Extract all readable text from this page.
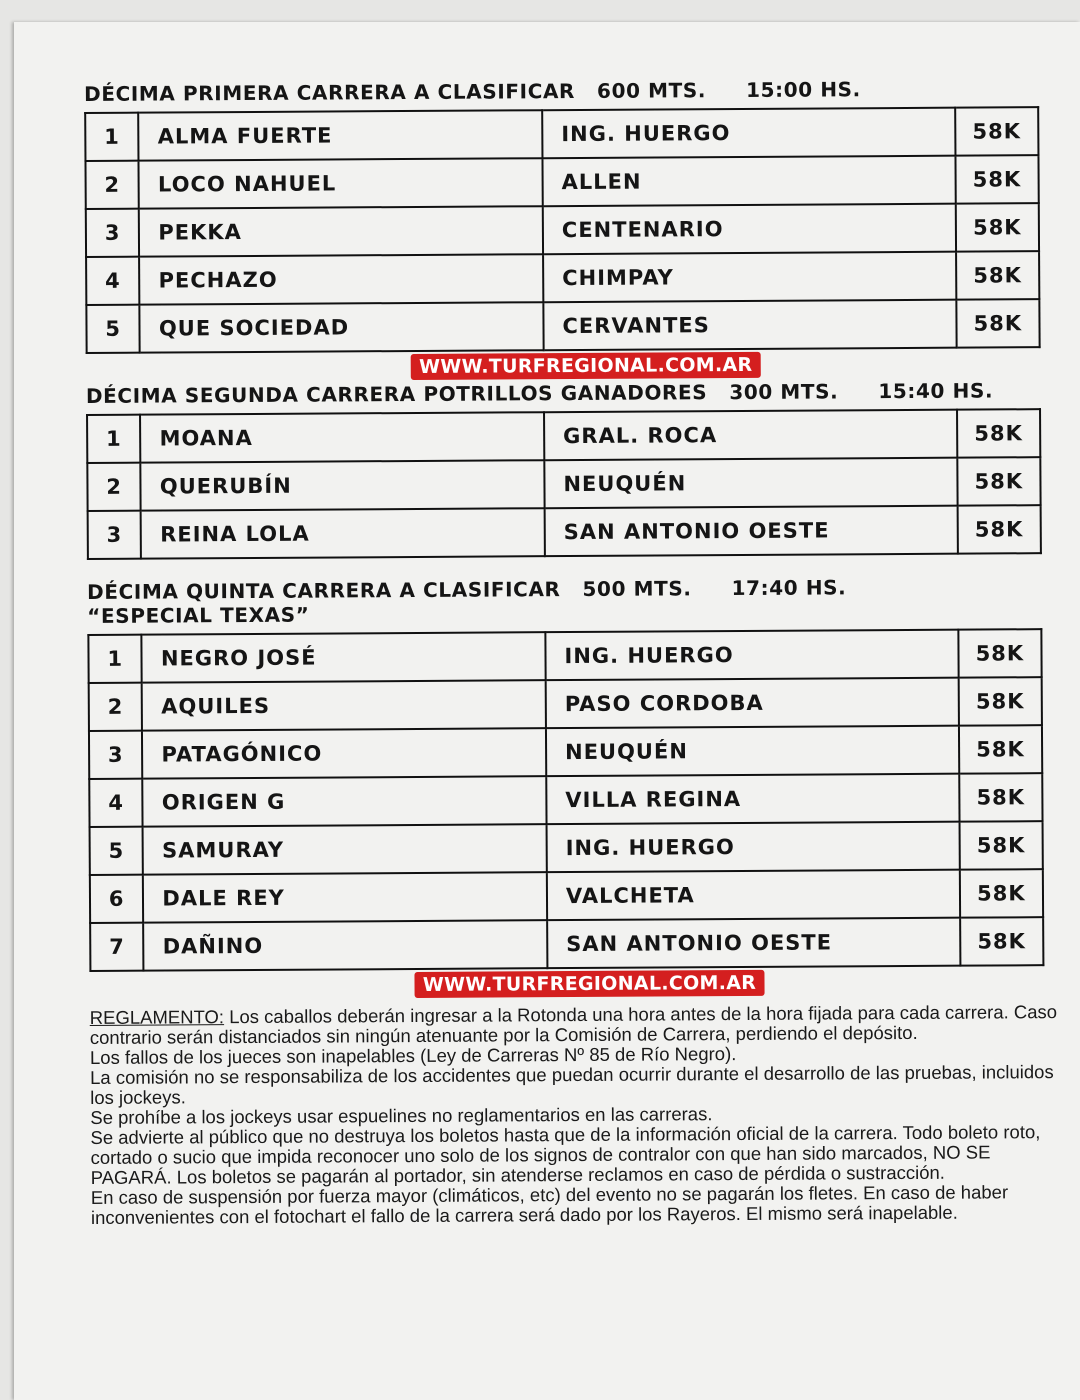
DÉCIMA PRIMERA CARRERA A CLASIFICAR 600 MTS. 15:00 HS.
1	ALMA FUERTE	ING. HUERGO	58K
2	LOCO NAHUEL	ALLEN	58K
3	PEKKA	CENTENARIO	58K
4	PECHAZO	CHIMPAY	58K
5	QUE SOCIEDAD	CERVANTES	58K
WWW.TURFREGIONAL.COM.AR
DÉCIMA SEGUNDA CARRERA POTRILLOS GANADORES 300 MTS. 15:40 HS.
1	MOANA	GRAL. ROCA	58K
2	QUERUBÍN	NEUQUÉN	58K
3	REINA LOLA	SAN ANTONIO OESTE	58K
DÉCIMA QUINTA CARRERA A CLASIFICAR 500 MTS. 17:40 HS.
“ESPECIAL TEXAS”
1	NEGRO JOSÉ	ING. HUERGO	58K
2	AQUILES	PASO CORDOBA	58K
3	PATAGÓNICO	NEUQUÉN	58K
4	ORIGEN G	VILLA REGINA	58K
5	SAMURAY	ING. HUERGO	58K
6	DALE REY	VALCHETA	58K
7	DAÑINO	SAN ANTONIO OESTE	58K
WWW.TURFREGIONAL.COM.AR

REGLAMENTO: Los caballos deberán ingresar a la Rotonda una hora antes de la hora fijada para cada carrera. Caso contrario serán distanciados sin ningún atenuante por la Comisión de Carrera, perdiendo el depósito.

Los fallos de los jueces son inapelables (Ley de Carreras Nº 85 de Río Negro).

La comisión no se responsabiliza de los accidentes que puedan ocurrir durante el desarrollo de las pruebas, incluidos los jockeys.

Se prohíbe a los jockeys usar espuelines no reglamentarios en las carreras.

Se advierte al público que no destruya los boletos hasta que de la información oficial de la carrera. Todo boleto roto, cortado o sucio que impida reconocer uno solo de los signos de contralor con que han sido marcados, NO SE PAGARÁ. Los boletos se pagarán al portador, sin atenderse reclamos en caso de pérdida o sustracción.

En caso de suspensión por fuerza mayor (climáticos, etc) del evento no se pagarán los fletes. En caso de haber inconvenientes con el fotochart el fallo de la carrera será dado por los Rayeros. El mismo será inapelable.
